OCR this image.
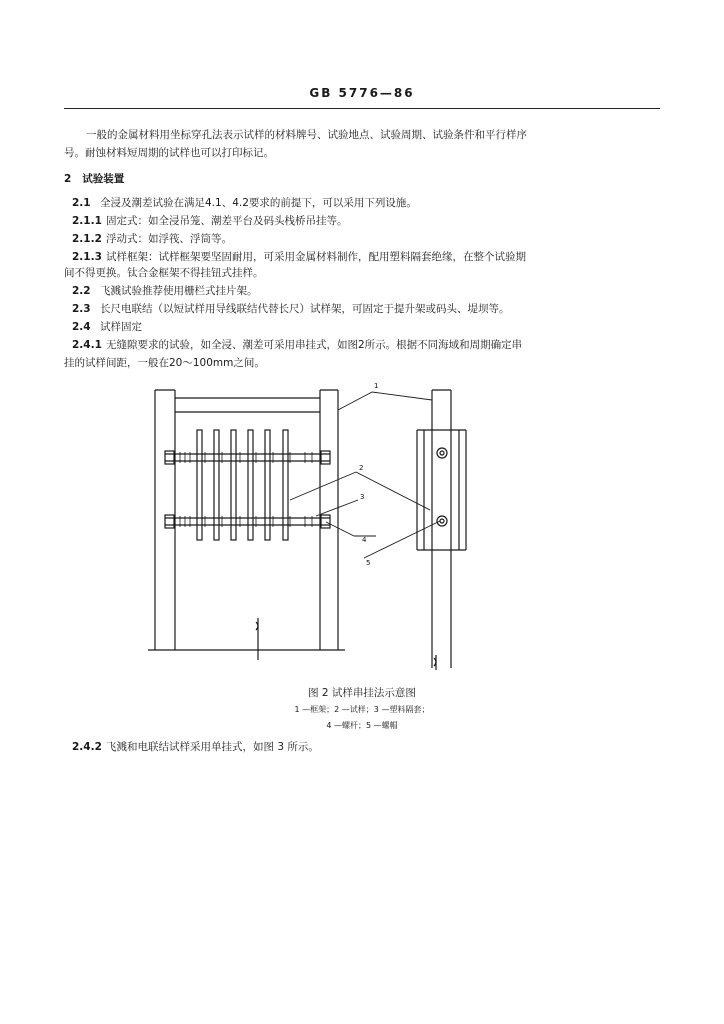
GB 5776—86
一般的金属材料用坐标穿孔法表示试样的材料牌号、试验地点、试验周期、试验条件和平行样序
号。耐蚀材料短周期的试样也可以打印标记。
2 试验装置
2.1 全浸及潮差试验在满足4.1、4.2要求的前提下，可以采用下列设施。
2.1.1 固定式：如全浸吊笼、潮差平台及码头栈桥吊挂等。
2.1.2 浮动式：如浮筏、浮筒等。
2.1.3 试样框架：试样框架要坚固耐用，可采用金属材料制作，配用塑料隔套绝缘，在整个试验期
间不得更换。钛合金框架不得挂钮式挂样。
2.2 飞溅试验推荐使用栅栏式挂片架。
2.3 长尺电联结（以短试样用导线联结代替长尺）试样架，可固定于提升架或码头、堤坝等。
2.4 试样固定
2.4.1 无缝隙要求的试验，如全浸、潮差可采用串挂式，如图2所示。根据不同海域和周期确定串
挂的试样间距，一般在20～100mm之间。
1
2
3
4
5
图 2 试样串挂法示意图
1 —框架；2 —试样；3 —塑料隔套；
4 —螺杆；5 —螺帽
2.4.2 飞溅和电联结试样采用单挂式，如图 3 所示。
